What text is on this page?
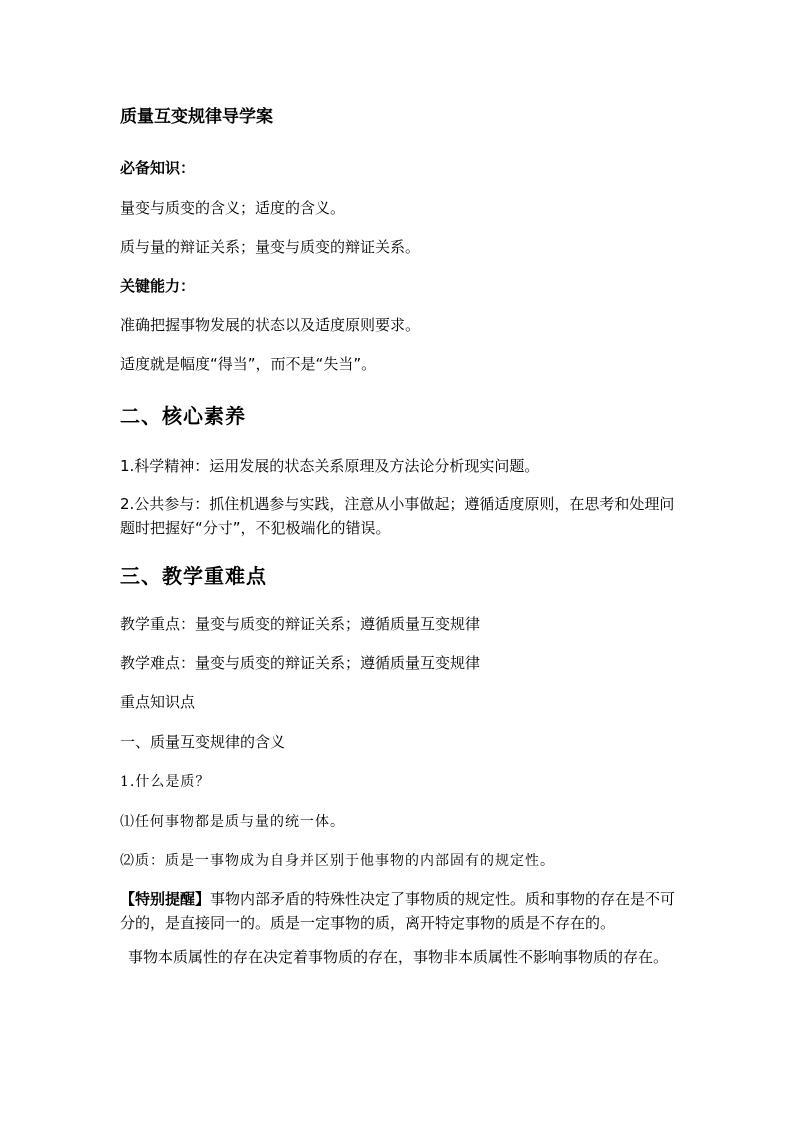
质量互变规律导学案
必备知识：
量变与质变的含义；适度的含义。
质与量的辩证关系；量变与质变的辩证关系。
关键能力：
准确把握事物发展的状态以及适度原则要求。
适度就是幅度“得当”，而不是“失当”。
二、核心素养
1.科学精神：运用发展的状态关系原理及方法论分析现实问题。
2.公共参与：抓住机遇参与实践，注意从小事做起；遵循适度原则，在思考和处理问题时把握好“分寸”，不犯极端化的错误。
三、教学重难点
教学重点：量变与质变的辩证关系；遵循质量互变规律
教学难点：量变与质变的辩证关系；遵循质量互变规律
重点知识点
一、质量互变规律的含义
1.什么是质？
⑴任何事物都是质与量的统一体。
⑵质：质是一事物成为自身并区别于他事物的内部固有的规定性。
【特别提醒】事物内部矛盾的特殊性决定了事物质的规定性。质和事物的存在是不可分的，是直接同一的。质是一定事物的质，离开特定事物的质是不存在的。
事物本质属性的存在决定着事物质的存在，事物非本质属性不影响事物质的存在。
